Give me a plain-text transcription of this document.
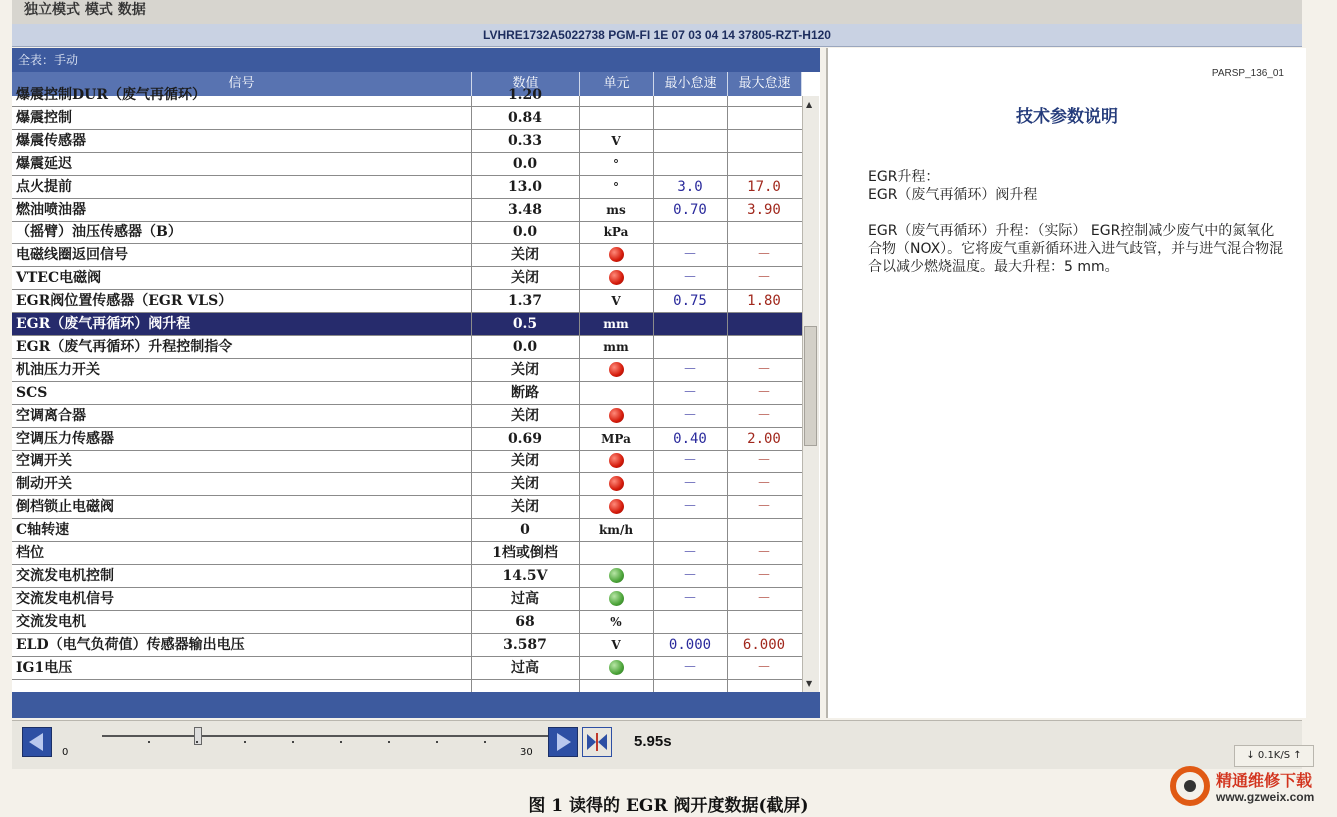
独立模式 模式 数据
LVHRE1732A5022738 PGM-FI 1E 07 03 04 14 37805-RZT-H120
全表：手动
信号	数值	单元	最小怠速	最大怠速
爆震控制DUR（废气再循环）	1.20
爆震控制	0.84
爆震传感器	0.33	V
爆震延迟	0.0	°
点火提前	13.0	°	3.0	17.0
燃油喷油器	3.48	ms	0.70	3.90
（摇臂）油压传感器（B）	0.0	kPa
电磁线圈返回信号	关闭	－	－
VTEC电磁阀	关闭	－	－
EGR阀位置传感器（EGR VLS）	1.37	V	0.75	1.80
EGR（废气再循环）阀升程	0.5	mm
EGR（废气再循环）升程控制指令	0.0	mm
机油压力开关	关闭	－	－
SCS	断路	－	－
空调离合器	关闭	－	－
空调压力传感器	0.69	MPa	0.40	2.00
空调开关	关闭	－	－
制动开关	关闭	－	－
倒档锁止电磁阀	关闭	－	－
C轴转速	0	km/h
档位	1档或倒档	－	－
交流发电机控制	14.5V	－	－
交流发电机信号	过高	－	－
交流发电机	68	%
ELD（电气负荷值）传感器输出电压	3.587	V	0.000	6.000
IG1电压	过高	－	－
▲
▼
PARSP_136_01
技术参数说明

EGR升程：
EGR（废气再循环）阀升程

EGR（废气再循环）升程：（实际） EGR控制减少废气中的氮氧化合物（NOX）。它将废气重新循环进入进气歧管，并与进气混合物混合以减少燃烧温度。最大升程：5 mm。

0	30
5.95s
↓ 0.1K/S ↑
图 1 读得的 EGR 阀开度数据(截屏)
精通维修下载
www.gzweix.com
